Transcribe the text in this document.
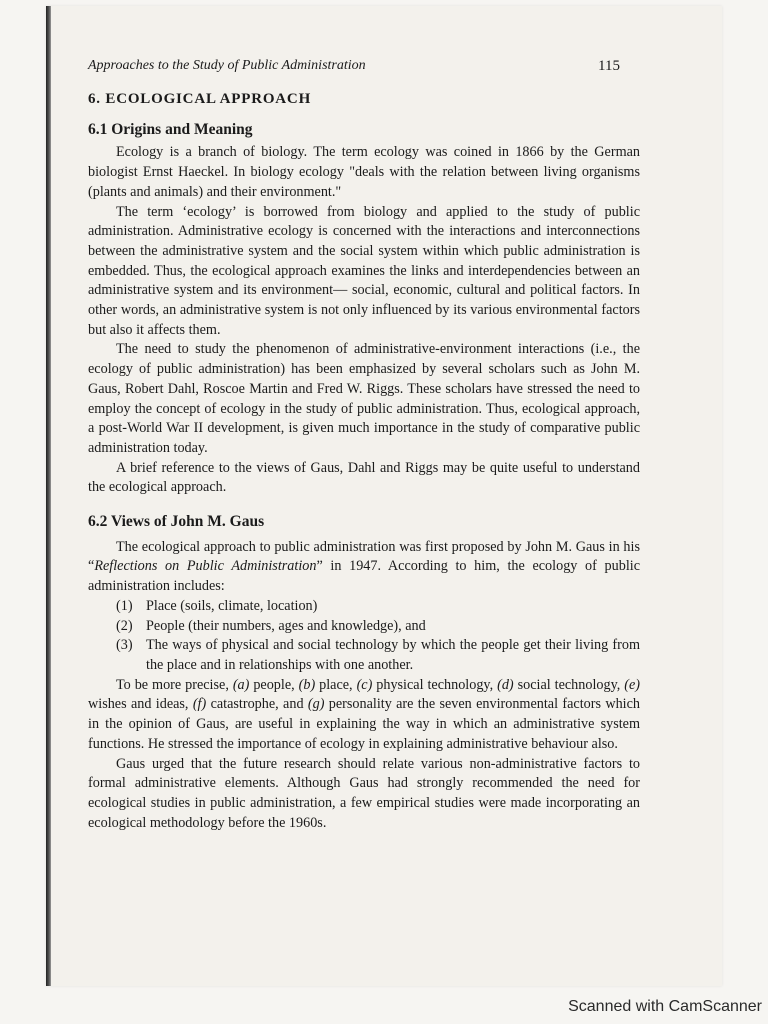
Approaches to the Study of Public Administration	115
6. ECOLOGICAL APPROACH
6.1 Origins and Meaning

Ecology is a branch of biology. The term ecology was coined in 1866 by the German biologist Ernst Haeckel. In biology ecology "deals with the relation between living organisms (plants and animals) and their environment."

The term ‘ecology’ is borrowed from biology and applied to the study of public administration. Administrative ecology is concerned with the interactions and interconnections between the administrative system and the social system within which public administration is embedded. Thus, the ecological approach examines the links and interdependencies between an administrative system and its environment— social, economic, cultural and political factors. In other words, an administrative system is not only influenced by its various environmental factors but also it affects them.

The need to study the phenomenon of administrative-environment interactions (i.e., the ecology of public administration) has been emphasized by several scholars such as John M. Gaus, Robert Dahl, Roscoe Martin and Fred W. Riggs. These scholars have stressed the need to employ the concept of ecology in the study of public administration. Thus, ecological approach, a post-World War II development, is given much importance in the study of comparative public administration today.

A brief reference to the views of Gaus, Dahl and Riggs may be quite useful to understand the ecological approach.

6.2 Views of John M. Gaus

The ecological approach to public administration was first proposed by John M. Gaus in his “Reflections on Public Administration” in 1947. According to him, the ecology of public administration includes:

(1) Place (soils, climate, location)
(2) People (their numbers, ages and knowledge), and
(3) The ways of physical and social technology by which the people get their living from the place and in relationships with one another.

To be more precise, (a) people, (b) place, (c) physical technology, (d) social technology, (e) wishes and ideas, (f) catastrophe, and (g) personality are the seven environmental factors which in the opinion of Gaus, are useful in explaining the way in which an administrative system functions. He stressed the importance of ecology in explaining administrative behaviour also.

Gaus urged that the future research should relate various non-administrative factors to formal administrative elements. Although Gaus had strongly recommended the need for ecological studies in public administration, a few empirical studies were made incorporating an ecological methodology before the 1960s.

Scanned with CamScanner
